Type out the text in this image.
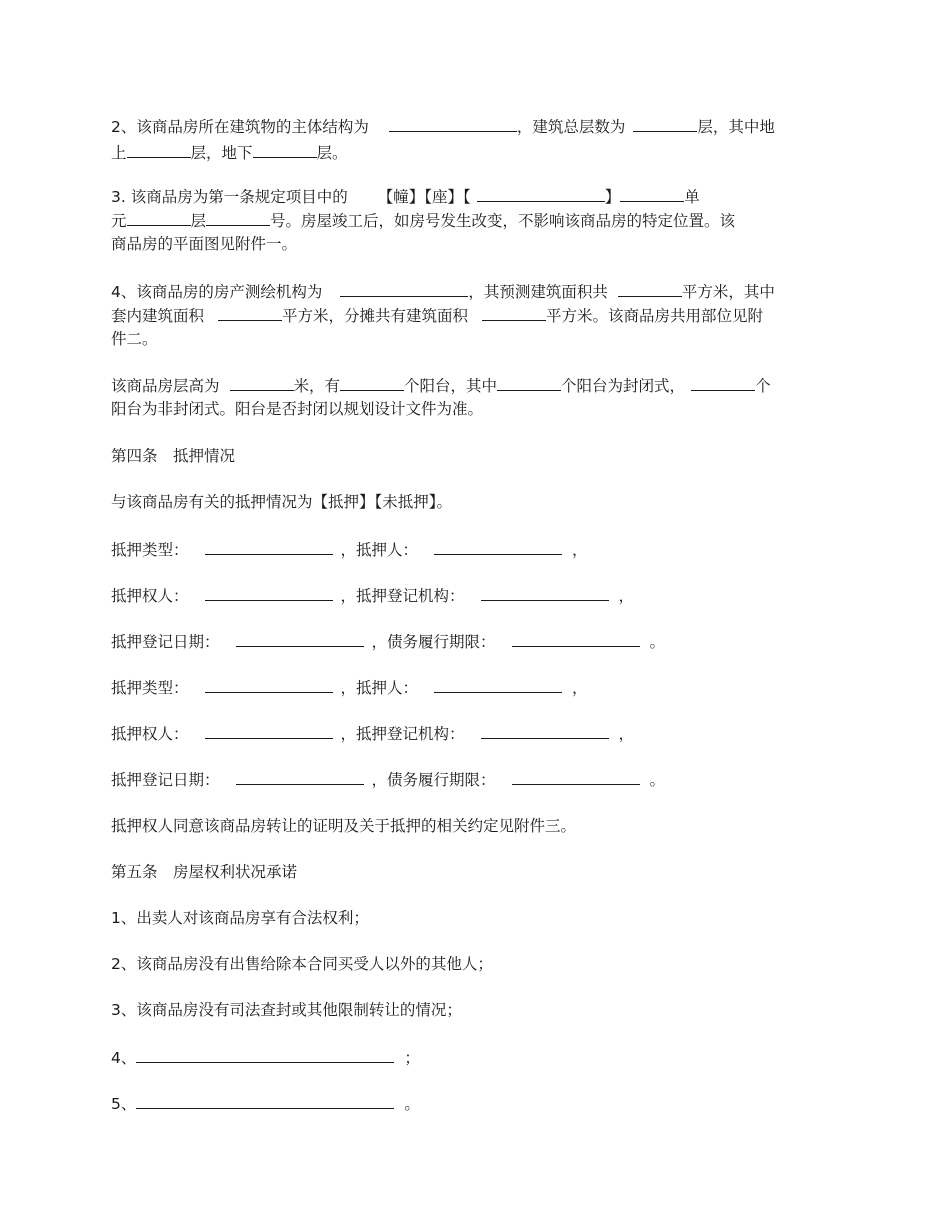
2、该商品房所在建筑物的主体结构为	，建筑总层数为	层，其中地
上	层，地下	层。
3. 该商品房为第一条规定项目中的 【幢】【座】【	】	单
元	层	号。房屋竣工后，如房号发生改变，不影响该商品房的特定位置。该
商品房的平面图见附件一。
4、该商品房的房产测绘机构为	，其预测建筑面积共	平方米，其中
套内建筑面积	平方米，分摊共有建筑面积	平方米。该商品房共用部位见附
件二。
该商品房层高为	米，有	个阳台，其中	个阳台为封闭式，	个
阳台为非封闭式。阳台是否封闭以规划设计文件为准。
第四条　抵押情况
与该商品房有关的抵押情况为【抵押】【未抵押】。
抵押类型：	，抵押人：	，
抵押权人：	，抵押登记机构：	，
抵押登记日期：	，债务履行期限：	。
抵押类型：	，抵押人：	，
抵押权人：	，抵押登记机构：	，
抵押登记日期：	，债务履行期限：	。
抵押权人同意该商品房转让的证明及关于抵押的相关约定见附件三。
第五条　房屋权利状况承诺
1、出卖人对该商品房享有合法权利；
2、该商品房没有出售给除本合同买受人以外的其他人；
3、该商品房没有司法查封或其他限制转让的情况；
4、	；
5、	。
